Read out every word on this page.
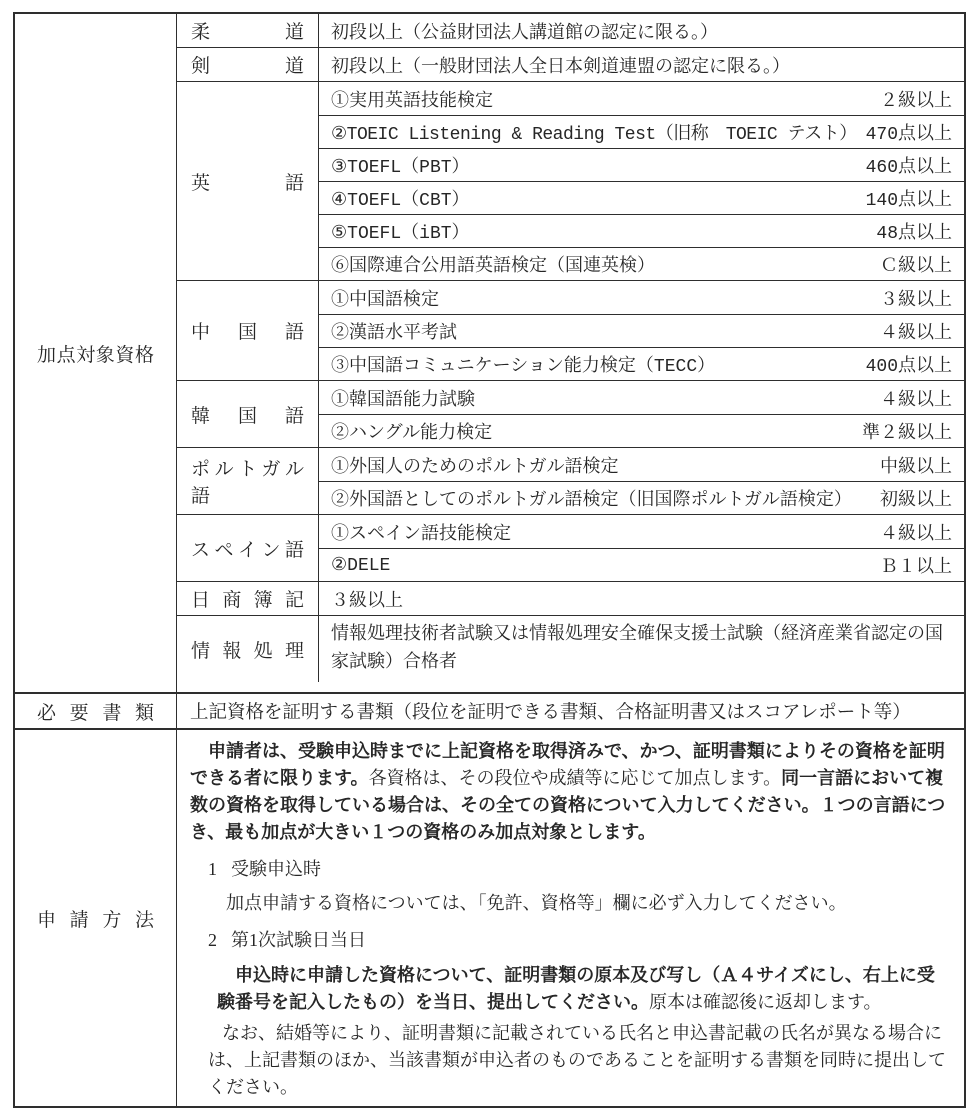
加点対象資格
柔道	初段以上（公益財団法人講道館の認定に限る。）
剣道	初段以上（一般財団法人全日本剣道連盟の認定に限る。）
英語
①実用英語技能検定	２級以上
②TOEIC Listening & Reading Test（旧称　TOEIC テスト） 470点以上
③TOEFL（PBT）	460点以上
④TOEFL（CBT）	140点以上
⑤TOEFL（iBT）	48点以上
⑥国際連合公用語英語検定（国連英検）	Ｃ級以上
中国語
①中国語検定	３級以上
②漢語水平考試	４級以上
③中国語コミュニケーション能力検定（TECC）	400点以上
韓国語
①韓国語能力試験	４級以上
②ハングル能力検定	準２級以上
ポルトガル語
①外国人のためのポルトガル語検定	中級以上
②外国語としてのポルトガル語検定（旧国際ポルトガル語検定）	初級以上
スペイン語
①スペイン語技能検定	４級以上
②DELE	Ｂ１以上
日商簿記	３級以上
情報処理
情報処理技術者試験又は情報処理安全確保支援士試験（経済産業省認定の国家試験）合格者
必要書類	上記資格を証明する書類（段位を証明できる書類、合格証明書又はスコアレポート等）
申請方法
申請者は、受験申込時までに上記資格を取得済みで、かつ、証明書類によりその資格を証明できる者に限ります。各資格は、その段位や成績等に応じて加点します。同一言語において複数の資格を取得している場合は、その全ての資格について入力してください。１つの言語につき、最も加点が大きい１つの資格のみ加点対象とします。
1 受験申込時
加点申請する資格については、「免許、資格等」欄に必ず入力してください。
2 第1次試験日当日
申込時に申請した資格について、証明書類の原本及び写し（Ａ４サイズにし、右上に受験番号を記入したもの）を当日、提出してください。原本は確認後に返却します。
なお、結婚等により、証明書類に記載されている氏名と申込書記載の氏名が異なる場合には、上記書類のほか、当該書類が申込者のものであることを証明する書類を同時に提出してください。
